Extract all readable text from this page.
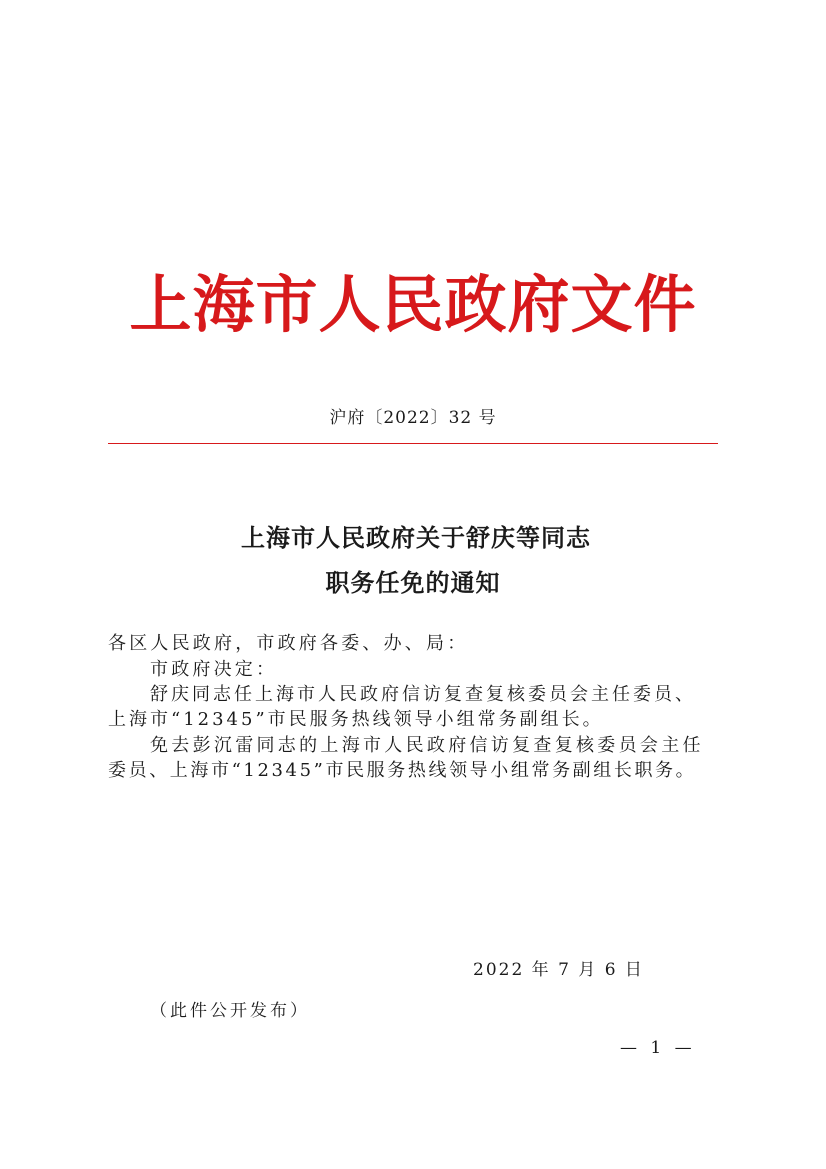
上海市人民政府文件
沪府〔2022〕32 号
上海市人民政府关于舒庆等同志
职务任免的通知
各区人民政府，市政府各委、办、局：
市政府决定：
舒庆同志任上海市人民政府信访复查复核委员会主任委员、
上海市“12345”市民服务热线领导小组常务副组长。
免去彭沉雷同志的上海市人民政府信访复查复核委员会主任
委员、上海市“12345”市民服务热线领导小组常务副组长职务。
2022 年 7 月 6 日
（此件公开发布）
— 1 —
